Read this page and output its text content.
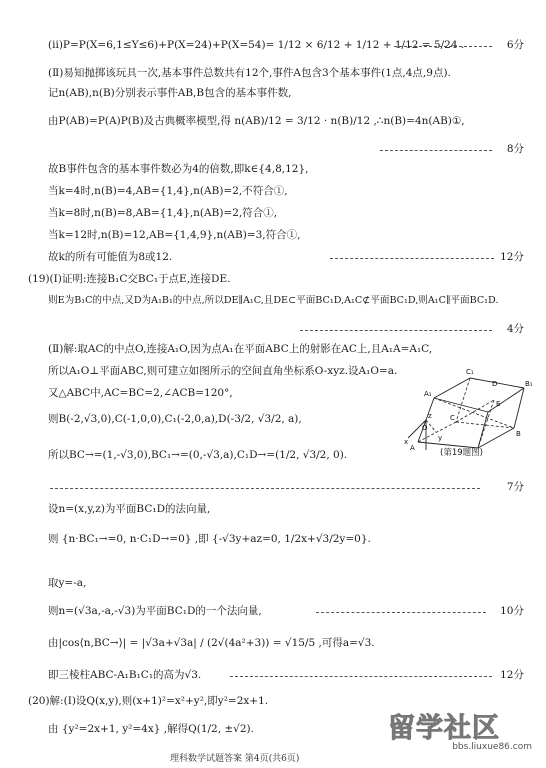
(ⅱ)P=P(X=6,1≤Y≤6)+P(X=24)+P(X=54)= 1/12 × 6/12 + 1/12 + 1/12 = 5/24 .	6分
(Ⅱ)易知抛掷该玩具一次,基本事件总数共有12个,事件A包含3个基本事件(1点,4点,9点).
记n(AB),n(B)分别表示事件AB,B包含的基本事件数,
由P(AB)=P(A)P(B)及古典概率模型,得 n(AB)/12 = 3/12 · n(B)/12 ,∴n(B)=4n(AB)①,
8分
故B事件包含的基本事件数必为4的倍数,即k∈{4,8,12},
当k=4时,n(B)=4,AB={1,4},n(AB)=2,不符合①,
当k=8时,n(B)=8,AB={1,4},n(AB)=2,符合①,
当k=12时,n(B)=12,AB={1,4,9},n(AB)=3,符合①,
故k的所有可能值为8或12.	12分
(19)(Ⅰ)证明:连接B₁C交BC₁于点E,连接DE.
则E为B₁C的中点,又D为A₁B₁的中点,所以DE∥A₁C,且DE⊂平面BC₁D,A₁C⊄平面BC₁D,则A₁C∥平面BC₁D.
4分
(Ⅱ)解:取AC的中点O,连接A₁O,因为点A₁在平面ABC上的射影在AC上,且A₁A=A₁C,
所以A₁O⊥平面ABC,则可建立如图所示的空间直角坐标系O-xyz.设A₁O=a.
又△ABC中,AC=BC=2,∠ACB=120°,
则B(-2,√3,0),C(-1,0,0),C₁(-2,0,a),D(-3/2, √3/2, a),
所以BC→=(1,-√3,0),BC₁→=(0,-√3,a),C₁D→=(1/2, √3/2, 0).
A₁
C₁
D	B₁
E
C
O
A
B
x	y
z
(第19题图)
7分
设n=(x,y,z)为平面BC₁D的法向量,
则 {n·BC₁→=0, n·C₁D→=0} ,即 {-√3y+az=0, 1/2x+√3/2y=0}.
取y=-a,
则n=(√3a,-a,-√3)为平面BC₁D的一个法向量,	10分
由|cos⟨n,BC→⟩| = |√3a+√3a| / (2√(4a²+3)) = √15/5 ,可得a=√3.
即三棱柱ABC-A₁B₁C₁的高为√3.	12分
(20)解:(Ⅰ)设Q(x,y),则(x+1)²=x²+y²,即y²=2x+1.
由 {y²=2x+1, y²=4x} ,解得Q(1/2, ±√2).
理科数学试题答案 第4页(共6页)
留学社区
bbs.liuxue86.com
